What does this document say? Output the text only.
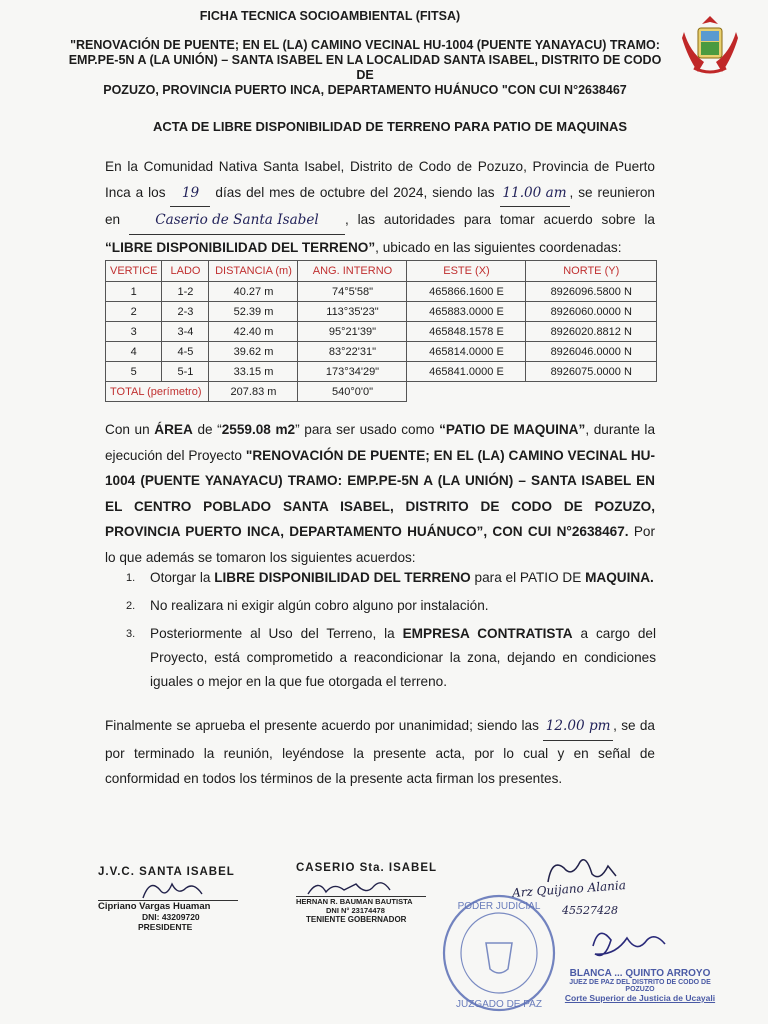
FICHA TECNICA SOCIOAMBIENTAL (FITSA)
"RENOVACIÓN DE PUENTE; EN EL (LA) CAMINO VECINAL HU-1004 (PUENTE YANAYACU) TRAMO:
EMP.PE-5N A (LA UNIÓN) – SANTA ISABEL EN LA LOCALIDAD SANTA ISABEL, DISTRITO DE CODO DE
POZUZO, PROVINCIA PUERTO INCA, DEPARTAMENTO HUÁNUCO "CON CUI N°2638467
ACTA DE LIBRE DISPONIBILIDAD DE TERRENO PARA PATIO DE MAQUINAS
En la Comunidad Nativa Santa Isabel, Distrito de Codo de Pozuzo, Provincia de Puerto Inca a los 19 días del mes de octubre del 2024, siendo las 11.00 am , se reunieron en Caserio de Santa Isabel , las autoridades para tomar acuerdo sobre la “LIBRE DISPONIBILIDAD DEL TERRENO”, ubicado en las siguientes coordenadas:
VERTICE	LADO	DISTANCIA (m)	ANG. INTERNO	ESTE (X)	NORTE (Y)
1	1-2	40.27 m	74°5'58"	465866.1600 E	8926096.5800 N
2	2-3	52.39 m	113°35'23"	465883.0000 E	8926060.0000 N
3	3-4	42.40 m	95°21'39"	465848.1578 E	8926020.8812 N
4	4-5	39.62 m	83°22'31"	465814.0000 E	8926046.0000 N
5	5-1	33.15 m	173°34'29"	465841.0000 E	8926075.0000 N
TOTAL (perímetro)		207.83 m	540°0'0"		
Con un ÁREA de “2559.08 m2” para ser usado como “PATIO DE MAQUINA”, durante la ejecución del Proyecto "RENOVACIÓN DE PUENTE; EN EL (LA) CAMINO VECINAL HU-1004 (PUENTE YANAYACU) TRAMO: EMP.PE-5N A (LA UNIÓN) – SANTA ISABEL EN EL CENTRO POBLADO SANTA ISABEL, DISTRITO DE CODO DE POZUZO, PROVINCIA PUERTO INCA, DEPARTAMENTO HUÁNUCO”, CON CUI N°2638467. Por lo que además se tomaron los siguientes acuerdos:
1. Otorgar la LIBRE DISPONIBILIDAD DEL TERRENO para el PATIO DE MAQUINA.
2. No realizara ni exigir algún cobro alguno por instalación.
3. Posteriormente al Uso del Terreno, la EMPRESA CONTRATISTA a cargo del Proyecto, está comprometido a reacondicionar la zona, dejando en condiciones iguales o mejor en la que fue otorgada el terreno.
Finalmente se aprueba el presente acuerdo por unanimidad; siendo las 12.00 pm , se da por terminado la reunión, leyéndose la presente acta, por lo cual y en señal de conformidad en todos los términos de la presente acta firman los presentes.
J.V.C. SANTA ISABEL
Cipriano Vargas Huaman
DNI: 43209720
PRESIDENTE
CASERIO Sta. ISABEL
HERNAN R. BAUMAN BAUTISTA
DNI N° 23174478
TENIENTE GOBERNADOR
Arz Quijano Alania
45527428
PODER JUDICIAL
JUZGADO DE PAZ
BLANCA ... QUINTO ARROYO
JUEZ DE PAZ DEL DISTRITO DE CODO DE POZUZO
Corte Superior de Justicia de Ucayali
